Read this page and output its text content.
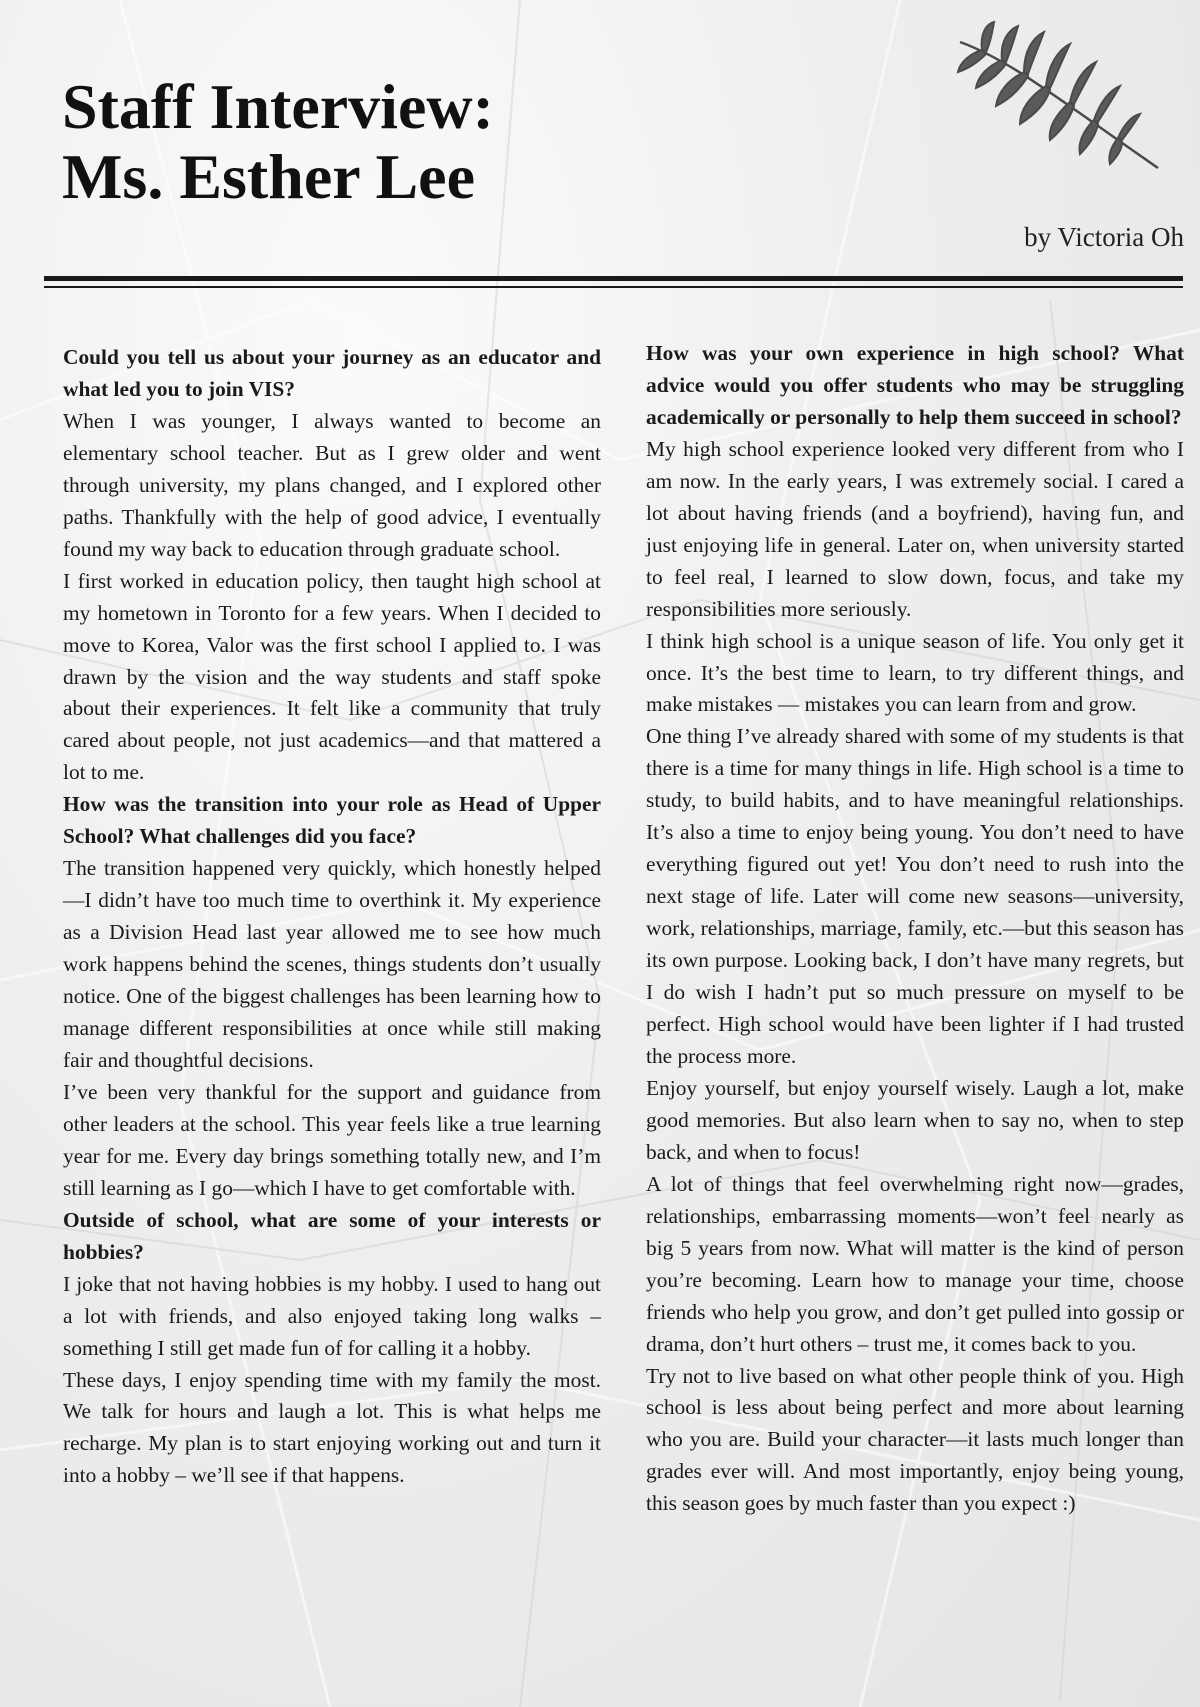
Staff Interview:
Ms. Esther Lee
by Victoria Oh

Could you tell us about your journey as an educator and what led you to join VIS?

When I was younger, I always wanted to become an elementary school teacher. But as I grew older and went through university, my plans changed, and I explored other paths. Thankfully with the help of good advice, I eventually found my way back to education through graduate school.

I first worked in education policy, then taught high school at my hometown in Toronto for a few years. When I decided to move to Korea, Valor was the first school I applied to. I was drawn by the vision and the way students and staff spoke about their experiences. It felt like a community that truly cared about people, not just academics—and that mattered a lot to me.

How was the transition into your role as Head of Upper School? What challenges did you face?

The transition happened very quickly, which honestly helped—I didn’t have too much time to overthink it. My experience as a Division Head last year allowed me to see how much work happens behind the scenes, things students don’t usually notice. One of the biggest challenges has been learning how to manage different responsibilities at once while still making fair and thoughtful decisions.

I’ve been very thankful for the support and guidance from other leaders at the school. This year feels like a true learning year for me. Every day brings something totally new, and I’m still learning as I go—which I have to get comfortable with.

Outside of school, what are some of your interests or hobbies?

I joke that not having hobbies is my hobby. I used to hang out a lot with friends, and also enjoyed taking long walks – something I still get made fun of for calling it a hobby.

These days, I enjoy spending time with my family the most. We talk for hours and laugh a lot. This is what helps me recharge. My plan is to start enjoying working out and turn it into a hobby – we’ll see if that happens.

How was your own experience in high school? What advice would you offer students who may be struggling academically or personally to help them succeed in school?

My high school experience looked very different from who I am now. In the early years, I was extremely social. I cared a lot about having friends (and a boyfriend), having fun, and just enjoying life in general. Later on, when university started to feel real, I learned to slow down, focus, and take my responsibilities more seriously.

I think high school is a unique season of life. You only get it once. It’s the best time to learn, to try different things, and make mistakes — mistakes you can learn from and grow.

One thing I’ve already shared with some of my students is that there is a time for many things in life. High school is a time to study, to build habits, and to have meaningful relationships. It’s also a time to enjoy being young. You don’t need to have everything figured out yet! You don’t need to rush into the next stage of life. Later will come new seasons—university, work, relationships, marriage, family, etc.—but this season has its own purpose. Looking back, I don’t have many regrets, but I do wish I hadn’t put so much pressure on myself to be perfect. High school would have been lighter if I had trusted the process more.

Enjoy yourself, but enjoy yourself wisely. Laugh a lot, make good memories. But also learn when to say no, when to step back, and when to focus!

A lot of things that feel overwhelming right now—grades, relationships, embarrassing moments—won’t feel nearly as big 5 years from now. What will matter is the kind of person you’re becoming. Learn how to manage your time, choose friends who help you grow, and don’t get pulled into gossip or drama, don’t hurt others – trust me, it comes back to you.

Try not to live based on what other people think of you. High school is less about being perfect and more about learning who you are. Build your character—it lasts much longer than grades ever will. And most importantly, enjoy being young, this season goes by much faster than you expect :)
